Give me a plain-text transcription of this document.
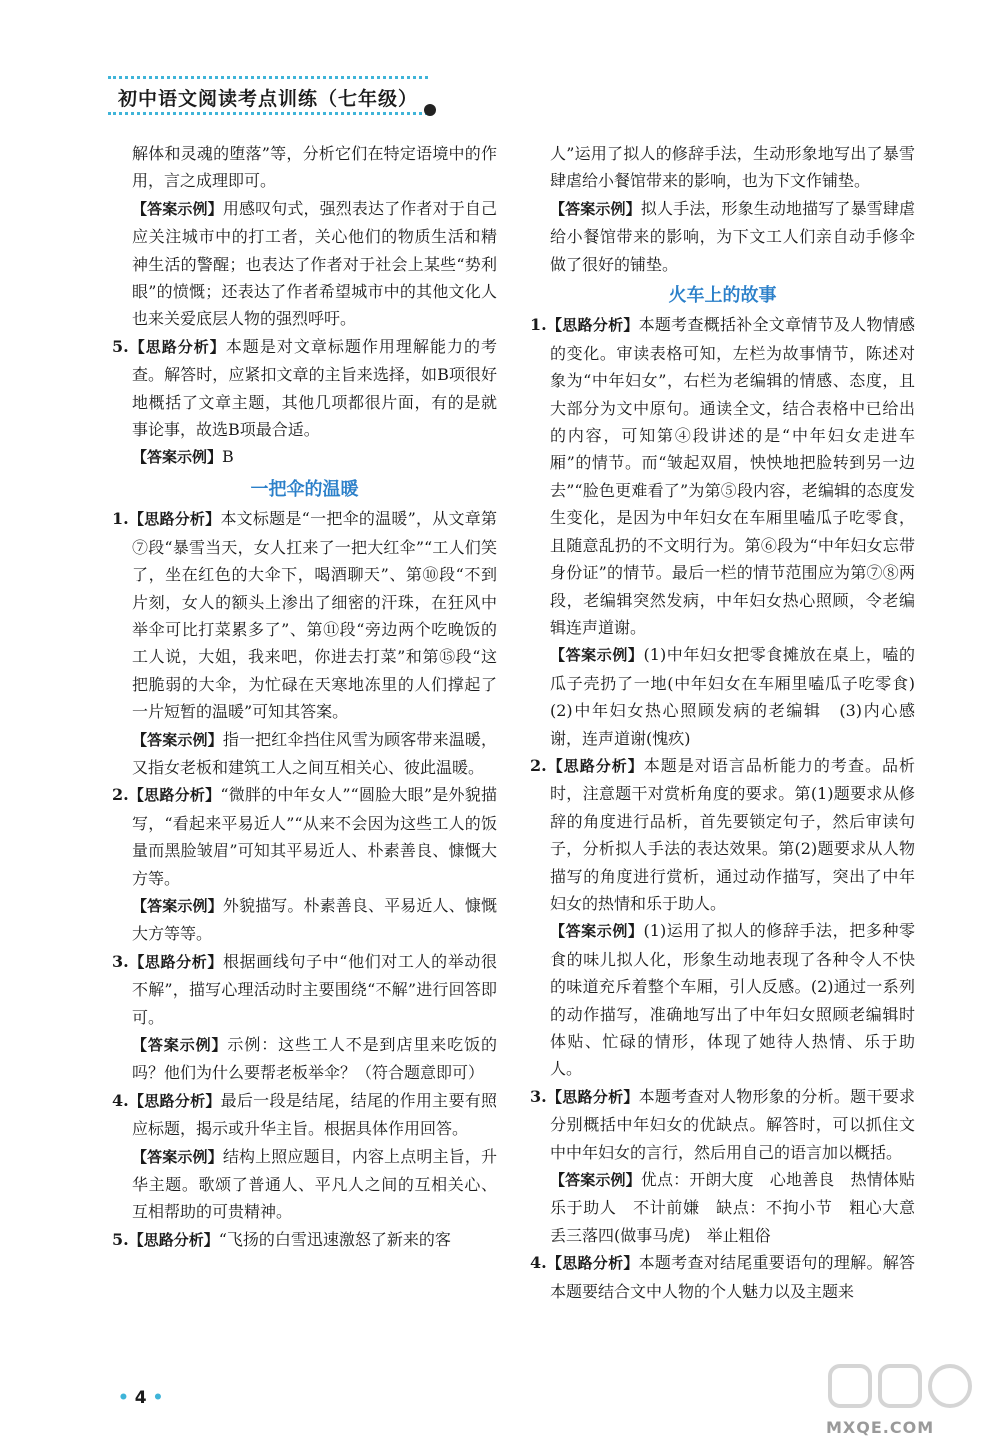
初中语文阅读考点训练（七年级）

解体和灵魂的堕落”等，分析它们在特定语境中的作用，言之成理即可。

【答案示例】用感叹句式，强烈表达了作者对于自己应关注城市中的打工者，关心他们的物质生活和精神生活的警醒；也表达了作者对于社会上某些“势利眼”的愤慨；还表达了作者希望城市中的其他文化人也来关爱底层人物的强烈呼吁。

5.【思路分析】本题是对文章标题作用理解能力的考查。解答时，应紧扣文章的主旨来选择，如B项很好地概括了文章主题，其他几项都很片面，有的是就事论事，故选B项最合适。

【答案示例】B

一把伞的温暖

1.【思路分析】本文标题是“一把伞的温暖”，从文章第⑦段“暴雪当天，女人扛来了一把大红伞”“工人们笑了，坐在红色的大伞下，喝酒聊天”、第⑩段“不到片刻，女人的额头上渗出了细密的汗珠，在狂风中举伞可比打菜累多了”、第⑪段“旁边两个吃晚饭的工人说，大姐，我来吧，你进去打菜”和第⑮段“这把脆弱的大伞，为忙碌在天寒地冻里的人们撑起了一片短暂的温暖”可知其答案。

【答案示例】指一把红伞挡住风雪为顾客带来温暖，又指女老板和建筑工人之间互相关心、彼此温暖。

2.【思路分析】“微胖的中年女人”“圆脸大眼”是外貌描写，“看起来平易近人”“从来不会因为这些工人的饭量而黑脸皱眉”可知其平易近人、朴素善良、慷慨大方等。

【答案示例】外貌描写。朴素善良、平易近人、慷慨大方等等。

3.【思路分析】根据画线句子中“他们对工人的举动很不解”，描写心理活动时主要围绕“不解”进行回答即可。

【答案示例】示例：这些工人不是到店里来吃饭的吗？他们为什么要帮老板举伞？（符合题意即可）

4.【思路分析】最后一段是结尾，结尾的作用主要有照应标题，揭示或升华主旨。根据具体作用回答。

【答案示例】结构上照应题目，内容上点明主旨，升华主题。歌颂了普通人、平凡人之间的互相关心、互相帮助的可贵精神。

5.【思路分析】“飞扬的白雪迅速激怒了新来的客

人”运用了拟人的修辞手法，生动形象地写出了暴雪肆虐给小餐馆带来的影响，也为下文作铺垫。

【答案示例】拟人手法，形象生动地描写了暴雪肆虐给小餐馆带来的影响，为下文工人们亲自动手修伞做了很好的铺垫。

火车上的故事

1.【思路分析】本题考查概括补全文章情节及人物情感的变化。审读表格可知，左栏为故事情节，陈述对象为“中年妇女”，右栏为老编辑的情感、态度，且大部分为文中原句。通读全文，结合表格中已给出的内容，可知第④段讲述的是“中年妇女走进车厢”的情节。而“皱起双眉，怏怏地把脸转到另一边去”“脸色更难看了”为第⑤段内容，老编辑的态度发生变化，是因为中年妇女在车厢里嗑瓜子吃零食，且随意乱扔的不文明行为。第⑥段为“中年妇女忘带身份证”的情节。最后一栏的情节范围应为第⑦⑧两段，老编辑突然发病，中年妇女热心照顾，令老编辑连声道谢。

【答案示例】(1)中年妇女把零食摊放在桌上，嗑的瓜子壳扔了一地(中年妇女在车厢里嗑瓜子吃零食)　(2)中年妇女热心照顾发病的老编辑　(3)内心感谢，连声道谢(愧疚)

2.【思路分析】本题是对语言品析能力的考查。品析时，注意题干对赏析角度的要求。第(1)题要求从修辞的角度进行品析，首先要锁定句子，然后审读句子，分析拟人手法的表达效果。第(2)题要求从人物描写的角度进行赏析，通过动作描写，突出了中年妇女的热情和乐于助人。

【答案示例】(1)运用了拟人的修辞手法，把多种零食的味儿拟人化，形象生动地表现了各种令人不快的味道充斥着整个车厢，引人反感。(2)通过一系列的动作描写，准确地写出了中年妇女照顾老编辑时体贴、忙碌的情形，体现了她待人热情、乐于助人。

3.【思路分析】本题考查对人物形象的分析。题干要求分别概括中年妇女的优缺点。解答时，可以抓住文中中年妇女的言行，然后用自己的语言加以概括。

【答案示例】优点：开朗大度　心地善良　热情体贴　乐于助人　不计前嫌　缺点：不拘小节　粗心大意　丢三落四(做事马虎)　举止粗俗

4.【思路分析】本题考查对结尾重要语句的理解。解答本题要结合文中人物的个人魅力以及主题来

• 4 •
MXQE.COM
